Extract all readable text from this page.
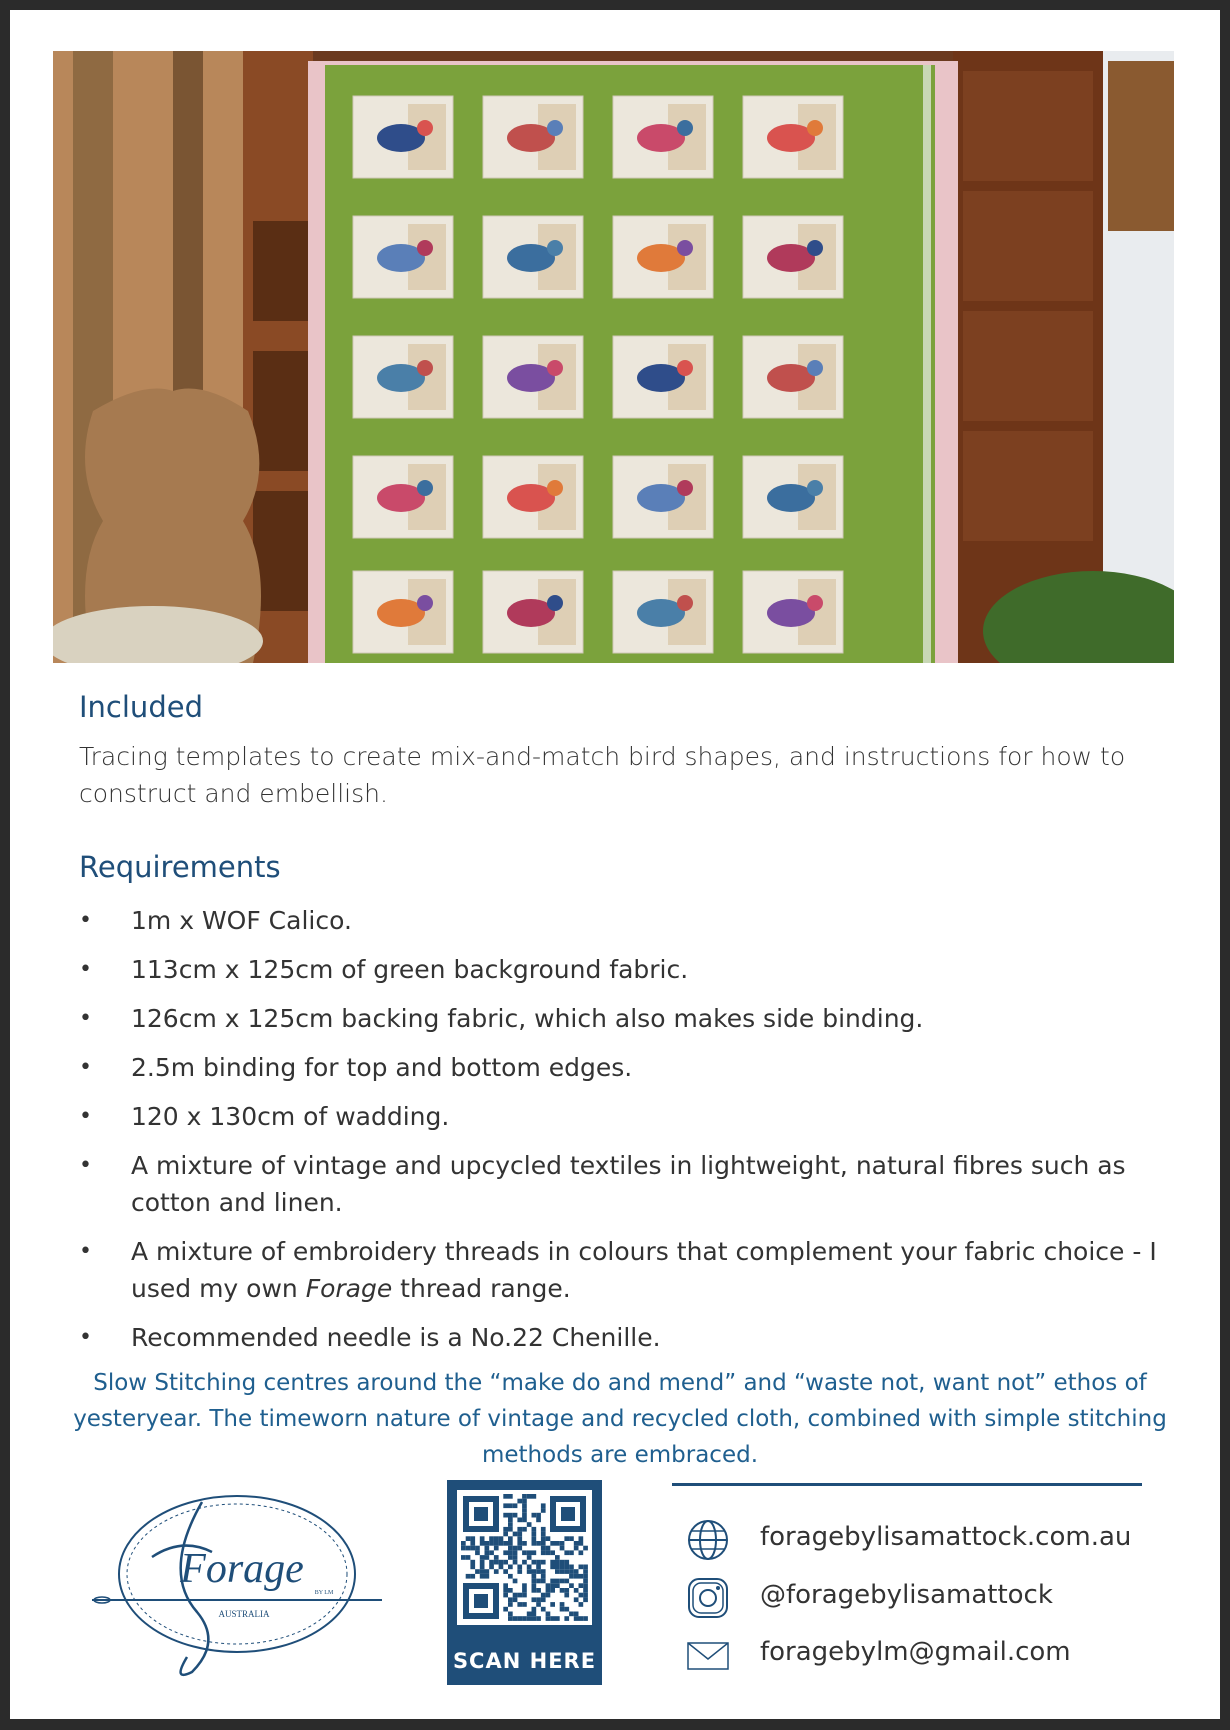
Included

Tracing templates to create mix-and-match bird shapes, and instructions for how to construct and embellish.

Requirements
• 1m x WOF Calico.
• 113cm x 125cm of green background fabric.
• 126cm x 125cm backing fabric, which also makes side binding.
• 2.5m binding for top and bottom edges.
• 120 x 130cm of wadding.
• A mixture of vintage and upcycled textiles in lightweight, natural fibres such as cotton and linen.
• A mixture of embroidery threads in colours that complement your fabric choice - I used my own Forage thread range.
• Recommended needle is a No.22 Chenille.

Slow Stitching centres around the “make do and mend” and “waste not, want not” ethos of yesteryear. The timeworn nature of vintage and recycled cloth, combined with simple stitching methods are embraced.

Forage
AUSTRALIA
BY LM
SCAN HERE
foragebylisamattock.com.au
@foragebylisamattock
foragebylm@gmail.com
